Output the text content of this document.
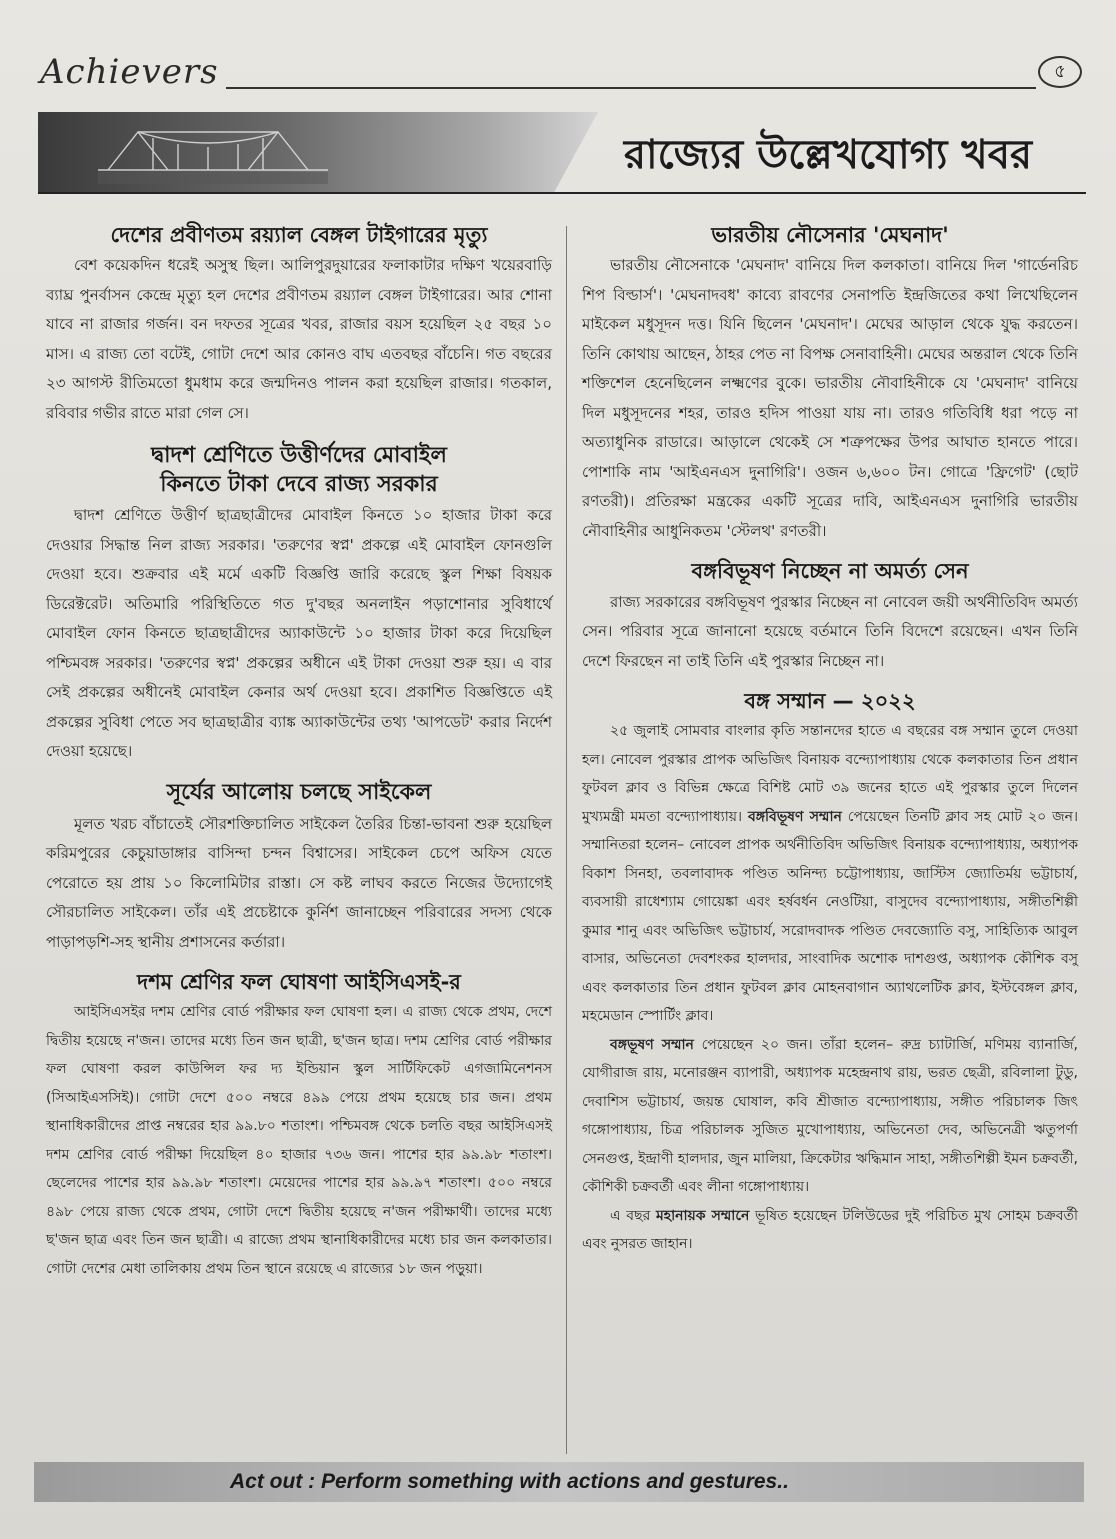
Achievers	৫
রাজ্যের উল্লেখযোগ্য খবর
দেশের প্রবীণতম রয়্যাল বেঙ্গল টাইগারের মৃত্যু

বেশ কয়েকদিন ধরেই অসুস্থ ছিল। আলিপুরদুয়ারের ফলাকাটার দক্ষিণ খয়েরবাড়ি ব্যাঘ্র পুনর্বাসন কেন্দ্রে মৃত্যু হল দেশের প্রবীণতম রয়্যাল বেঙ্গল টাইগারের। আর শোনা যাবে না রাজার গর্জন। বন দফতর সূত্রের খবর, রাজার বয়স হয়েছিল ২৫ বছর ১০ মাস। এ রাজ্য তো বটেই, গোটা দেশে আর কোনও বাঘ এতবছর বাঁচেনি। গত বছরের ২৩ আগস্ট রীতিমতো ধুমধাম করে জন্মদিনও পালন করা হয়েছিল রাজার। গতকাল, রবিবার গভীর রাতে মারা গেল সে।

দ্বাদশ শ্রেণিতে উত্তীর্ণদের মোবাইল
কিনতে টাকা দেবে রাজ্য সরকার

দ্বাদশ শ্রেণিতে উত্তীর্ণ ছাত্রছাত্রীদের মোবাইল কিনতে ১০ হাজার টাকা করে দেওয়ার সিদ্ধান্ত নিল রাজ্য সরকার। 'তরুণের স্বপ্ন' প্রকল্পে এই মোবাইল ফোনগুলি দেওয়া হবে। শুক্রবার এই মর্মে একটি বিজ্ঞপ্তি জারি করেছে স্কুল শিক্ষা বিষয়ক ডিরেক্টরেট। অতিমারি পরিস্থিতিতে গত দু'বছর অনলাইন পড়াশোনার সুবিধার্থে মোবাইল ফোন কিনতে ছাত্রছাত্রীদের অ্যাকাউন্টে ১০ হাজার টাকা করে দিয়েছিল পশ্চিমবঙ্গ সরকার। 'তরুণের স্বপ্ন' প্রকল্পের অধীনে এই টাকা দেওয়া শুরু হয়। এ বার সেই প্রকল্পের অধীনেই মোবাইল কেনার অর্থ দেওয়া হবে। প্রকাশিত বিজ্ঞপ্তিতে এই প্রকল্পের সুবিধা পেতে সব ছাত্রছাত্রীর ব্যাঙ্ক অ্যাকাউন্টের তথ্য 'আপডেট' করার নির্দেশ দেওয়া হয়েছে।

সূর্যের আলোয় চলছে সাইকেল

মূলত খরচ বাঁচাতেই সৌরশক্তিচালিত সাইকেল তৈরির চিন্তা-ভাবনা শুরু হয়েছিল করিমপুরের কেচুয়াডাঙ্গার বাসিন্দা চন্দন বিশ্বাসের। সাইকেল চেপে অফিস যেতে পেরোতে হয় প্রায় ১০ কিলোমিটার রাস্তা। সে কষ্ট লাঘব করতে নিজের উদ্যোগেই সৌরচালিত সাইকেল। তাঁর এই প্রচেষ্টাকে কুর্নিশ জানাচ্ছেন পরিবারের সদস্য থেকে পাড়াপড়শি-সহ স্থানীয় প্রশাসনের কর্তারা।

দশম শ্রেণির ফল ঘোষণা আইসিএসই-র

আইসিএসইর দশম শ্রেণির বোর্ড পরীক্ষার ফল ঘোষণা হল। এ রাজ্য থেকে প্রথম, দেশে দ্বিতীয় হয়েছে ন'জন। তাদের মধ্যে তিন জন ছাত্রী, ছ'জন ছাত্র। দশম শ্রেণির বোর্ড পরীক্ষার ফল ঘোষণা করল কাউন্সিল ফর দ্য ইন্ডিয়ান স্কুল সার্টিফিকেট এগজামিনেশনস (সিআইএসসিই)। গোটা দেশে ৫০০ নম্বরে ৪৯৯ পেয়ে প্রথম হয়েছে চার জন। প্রথম স্থানাধিকারীদের প্রাপ্ত নম্বরের হার ৯৯.৮০ শতাংশ। পশ্চিমবঙ্গ থেকে চলতি বছর আইসিএসই দশম শ্রেণির বোর্ড পরীক্ষা দিয়েছিল ৪০ হাজার ৭৩৬ জন। পাশের হার ৯৯.৯৮ শতাংশ। ছেলেদের পাশের হার ৯৯.৯৮ শতাংশ। মেয়েদের পাশের হার ৯৯.৯৭ শতাংশ। ৫০০ নম্বরে ৪৯৮ পেয়ে রাজ্য থেকে প্রথম, গোটা দেশে দ্বিতীয় হয়েছে ন'জন পরীক্ষার্থী। তাদের মধ্যে ছ'জন ছাত্র এবং তিন জন ছাত্রী। এ রাজ্যে প্রথম স্থানাধিকারীদের মধ্যে চার জন কলকাতার। গোটা দেশের মেধা তালিকায় প্রথম তিন স্থানে রয়েছে এ রাজ্যের ১৮ জন পড়ুয়া।

ভারতীয় নৌসেনার 'মেঘনাদ'

ভারতীয় নৌসেনাকে 'মেঘনাদ' বানিয়ে দিল কলকাতা। বানিয়ে দিল 'গার্ডেনরিচ শিপ বিল্ডার্স'। 'মেঘনাদবধ' কাব্যে রাবণের সেনাপতি ইন্দ্রজিতের কথা লিখেছিলেন মাইকেল মধুসূদন দত্ত। যিনি ছিলেন 'মেঘনাদ'। মেঘের আড়াল থেকে যুদ্ধ করতেন। তিনি কোথায় আছেন, ঠাহর পেত না বিপক্ষ সেনাবাহিনী। মেঘের অন্তরাল থেকে তিনি শক্তিশেল হেনেছিলেন লক্ষ্মণের বুকে। ভারতীয় নৌবাহিনীকে যে 'মেঘনাদ' বানিয়ে দিল মধুসূদনের শহর, তারও হদিস পাওয়া যায় না। তারও গতিবিধি ধরা পড়ে না অত্যাধুনিক রাডারে। আড়ালে থেকেই সে শত্রুপক্ষের উপর আঘাত হানতে পারে। পোশাকি নাম 'আইএনএস দুনাগিরি'। ওজন ৬,৬০০ টন। গোত্রে 'ফ্রিগেট' (ছোট রণতরী)। প্রতিরক্ষা মন্ত্রকের একটি সূত্রের দাবি, আইএনএস দুনাগিরি ভারতীয় নৌবাহিনীর আধুনিকতম 'স্টেলথ' রণতরী।

বঙ্গবিভূষণ নিচ্ছেন না অমর্ত্য সেন

রাজ্য সরকারের বঙ্গবিভূষণ পুরস্কার নিচ্ছেন না নোবেল জয়ী অর্থনীতিবিদ অমর্ত্য সেন। পরিবার সূত্রে জানানো হয়েছে বর্তমানে তিনি বিদেশে রয়েছেন। এখন তিনি দেশে ফিরছেন না তাই তিনি এই পুরস্কার নিচ্ছেন না।

বঙ্গ সম্মান — ২০২২

২৫ জুলাই সোমবার বাংলার কৃতি সন্তানদের হাতে এ বছরের বঙ্গ সম্মান তুলে দেওয়া হল। নোবেল পুরস্কার প্রাপক অভিজিৎ বিনায়ক বন্দ্যোপাধ্যায় থেকে কলকাতার তিন প্রধান ফুটবল ক্লাব ও বিভিন্ন ক্ষেত্রে বিশিষ্ট মোট ৩৯ জনের হাতে এই পুরস্কার তুলে দিলেন মুখ্যমন্ত্রী মমতা বন্দ্যোপাধ্যায়। বঙ্গবিভূষণ সম্মান পেয়েছেন তিনটি ক্লাব সহ মোট ২০ জন। সম্মানিতরা হলেন– নোবেল প্রাপক অর্থনীতিবিদ অভিজিৎ বিনায়ক বন্দ্যোপাধ্যায়, অধ্যাপক বিকাশ সিনহা, তবলাবাদক পণ্ডিত অনিন্দ্য চট্টোপাধ্যায়, জাস্টিস জ্যোতির্ময় ভট্টাচার্য, ব্যবসায়ী রাধেশ্যাম গোয়েঙ্কা এবং হর্ষবর্ধন নেওটিয়া, বাসুদেব বন্দ্যোপাধ্যায়, সঙ্গীতশিল্পী কুমার শানু এবং অভিজিৎ ভট্টাচার্য, সরোদবাদক পণ্ডিত দেবজ্যোতি বসু, সাহিত্যিক আবুল বাসার, অভিনেতা দেবশংকর হালদার, সাংবাদিক অশোক দাশগুপ্ত, অধ্যাপক কৌশিক বসু এবং কলকাতার তিন প্রধান ফুটবল ক্লাব মোহনবাগান অ্যাথলেটিক ক্লাব, ইস্টবেঙ্গল ক্লাব, মহমেডান স্পোর্টিং ক্লাব।

বঙ্গভূষণ সম্মান পেয়েছেন ২০ জন। তাঁরা হলেন– রুদ্র চ্যাটার্জি, মণিময় ব্যানার্জি, যোগীরাজ রায়, মনোরঞ্জন ব্যাপারী, অধ্যাপক মহেন্দ্রনাথ রায়, ভরত ছেত্রী, রবিলালা টুডু, দেবাশিস ভট্টাচার্য, জয়ন্ত ঘোষাল, কবি শ্রীজাত বন্দ্যোপাধ্যায়, সঙ্গীত পরিচালক জিৎ গঙ্গোপাধ্যায়, চিত্র পরিচালক সুজিত মুখোপাধ্যায়, অভিনেতা দেব, অভিনেত্রী ঋতুপর্ণা সেনগুপ্ত, ইন্দ্রাণী হালদার, জুন মালিয়া, ক্রিকেটার ঋদ্ধিমান সাহা, সঙ্গীতশিল্পী ইমন চক্রবর্তী, কৌশিকী চক্রবর্তী এবং লীনা গঙ্গোপাধ্যায়।

এ বছর মহানায়ক সম্মানে ভূষিত হয়েছেন টলিউডের দুই পরিচিত মুখ সোহম চক্রবর্তী এবং নুসরত জাহান।

Act out : Perform something with actions and gestures..
